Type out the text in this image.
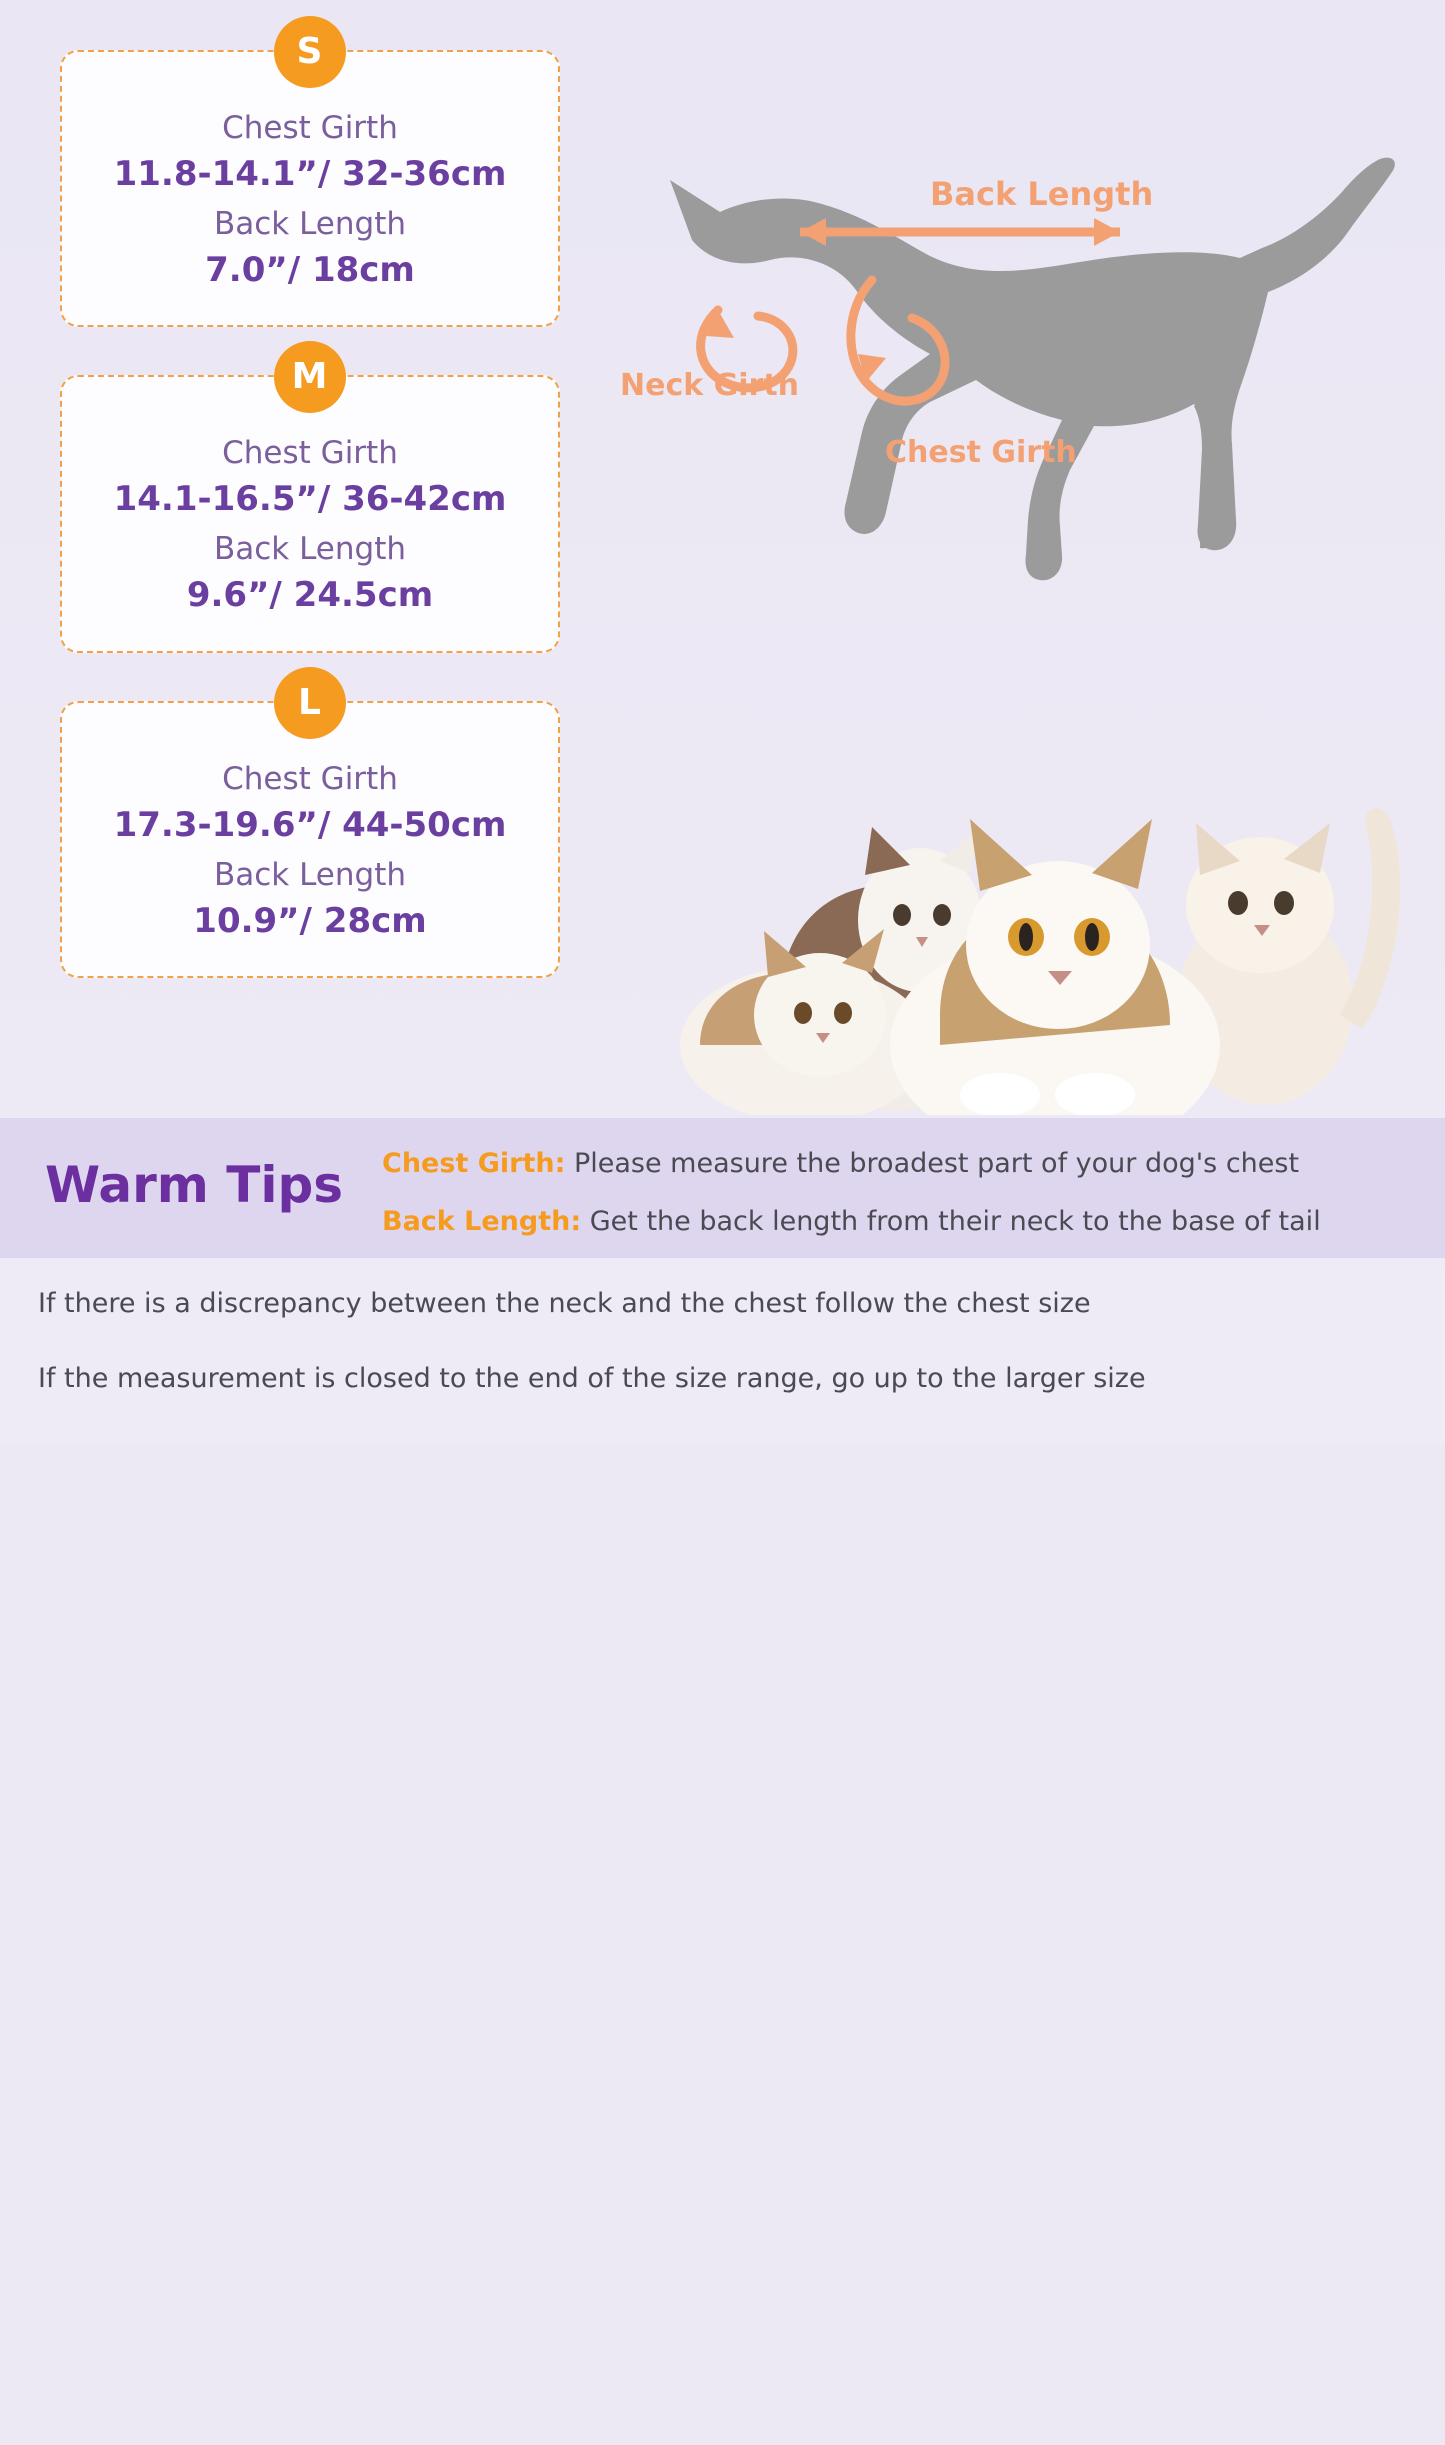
S
Chest Girth
11.8-14.1”/ 32-36cm
Back Length
7.0”/ 18cm
M
Chest Girth
14.1-16.5”/ 36-42cm
Back Length
9.6”/ 24.5cm
L
Chest Girth
17.3-19.6”/ 44-50cm
Back Length
10.9”/ 28cm
Back Length
Neck Girth
Chest Girth
Warm Tips Chest Girth: Please measure the broadest part of your dog's chest
Back Length: Get the back length from their neck to the base of tail
If there is a discrepancy between the neck and the chest follow the chest size
If the measurement is closed to the end of the size range, go up to the larger size
